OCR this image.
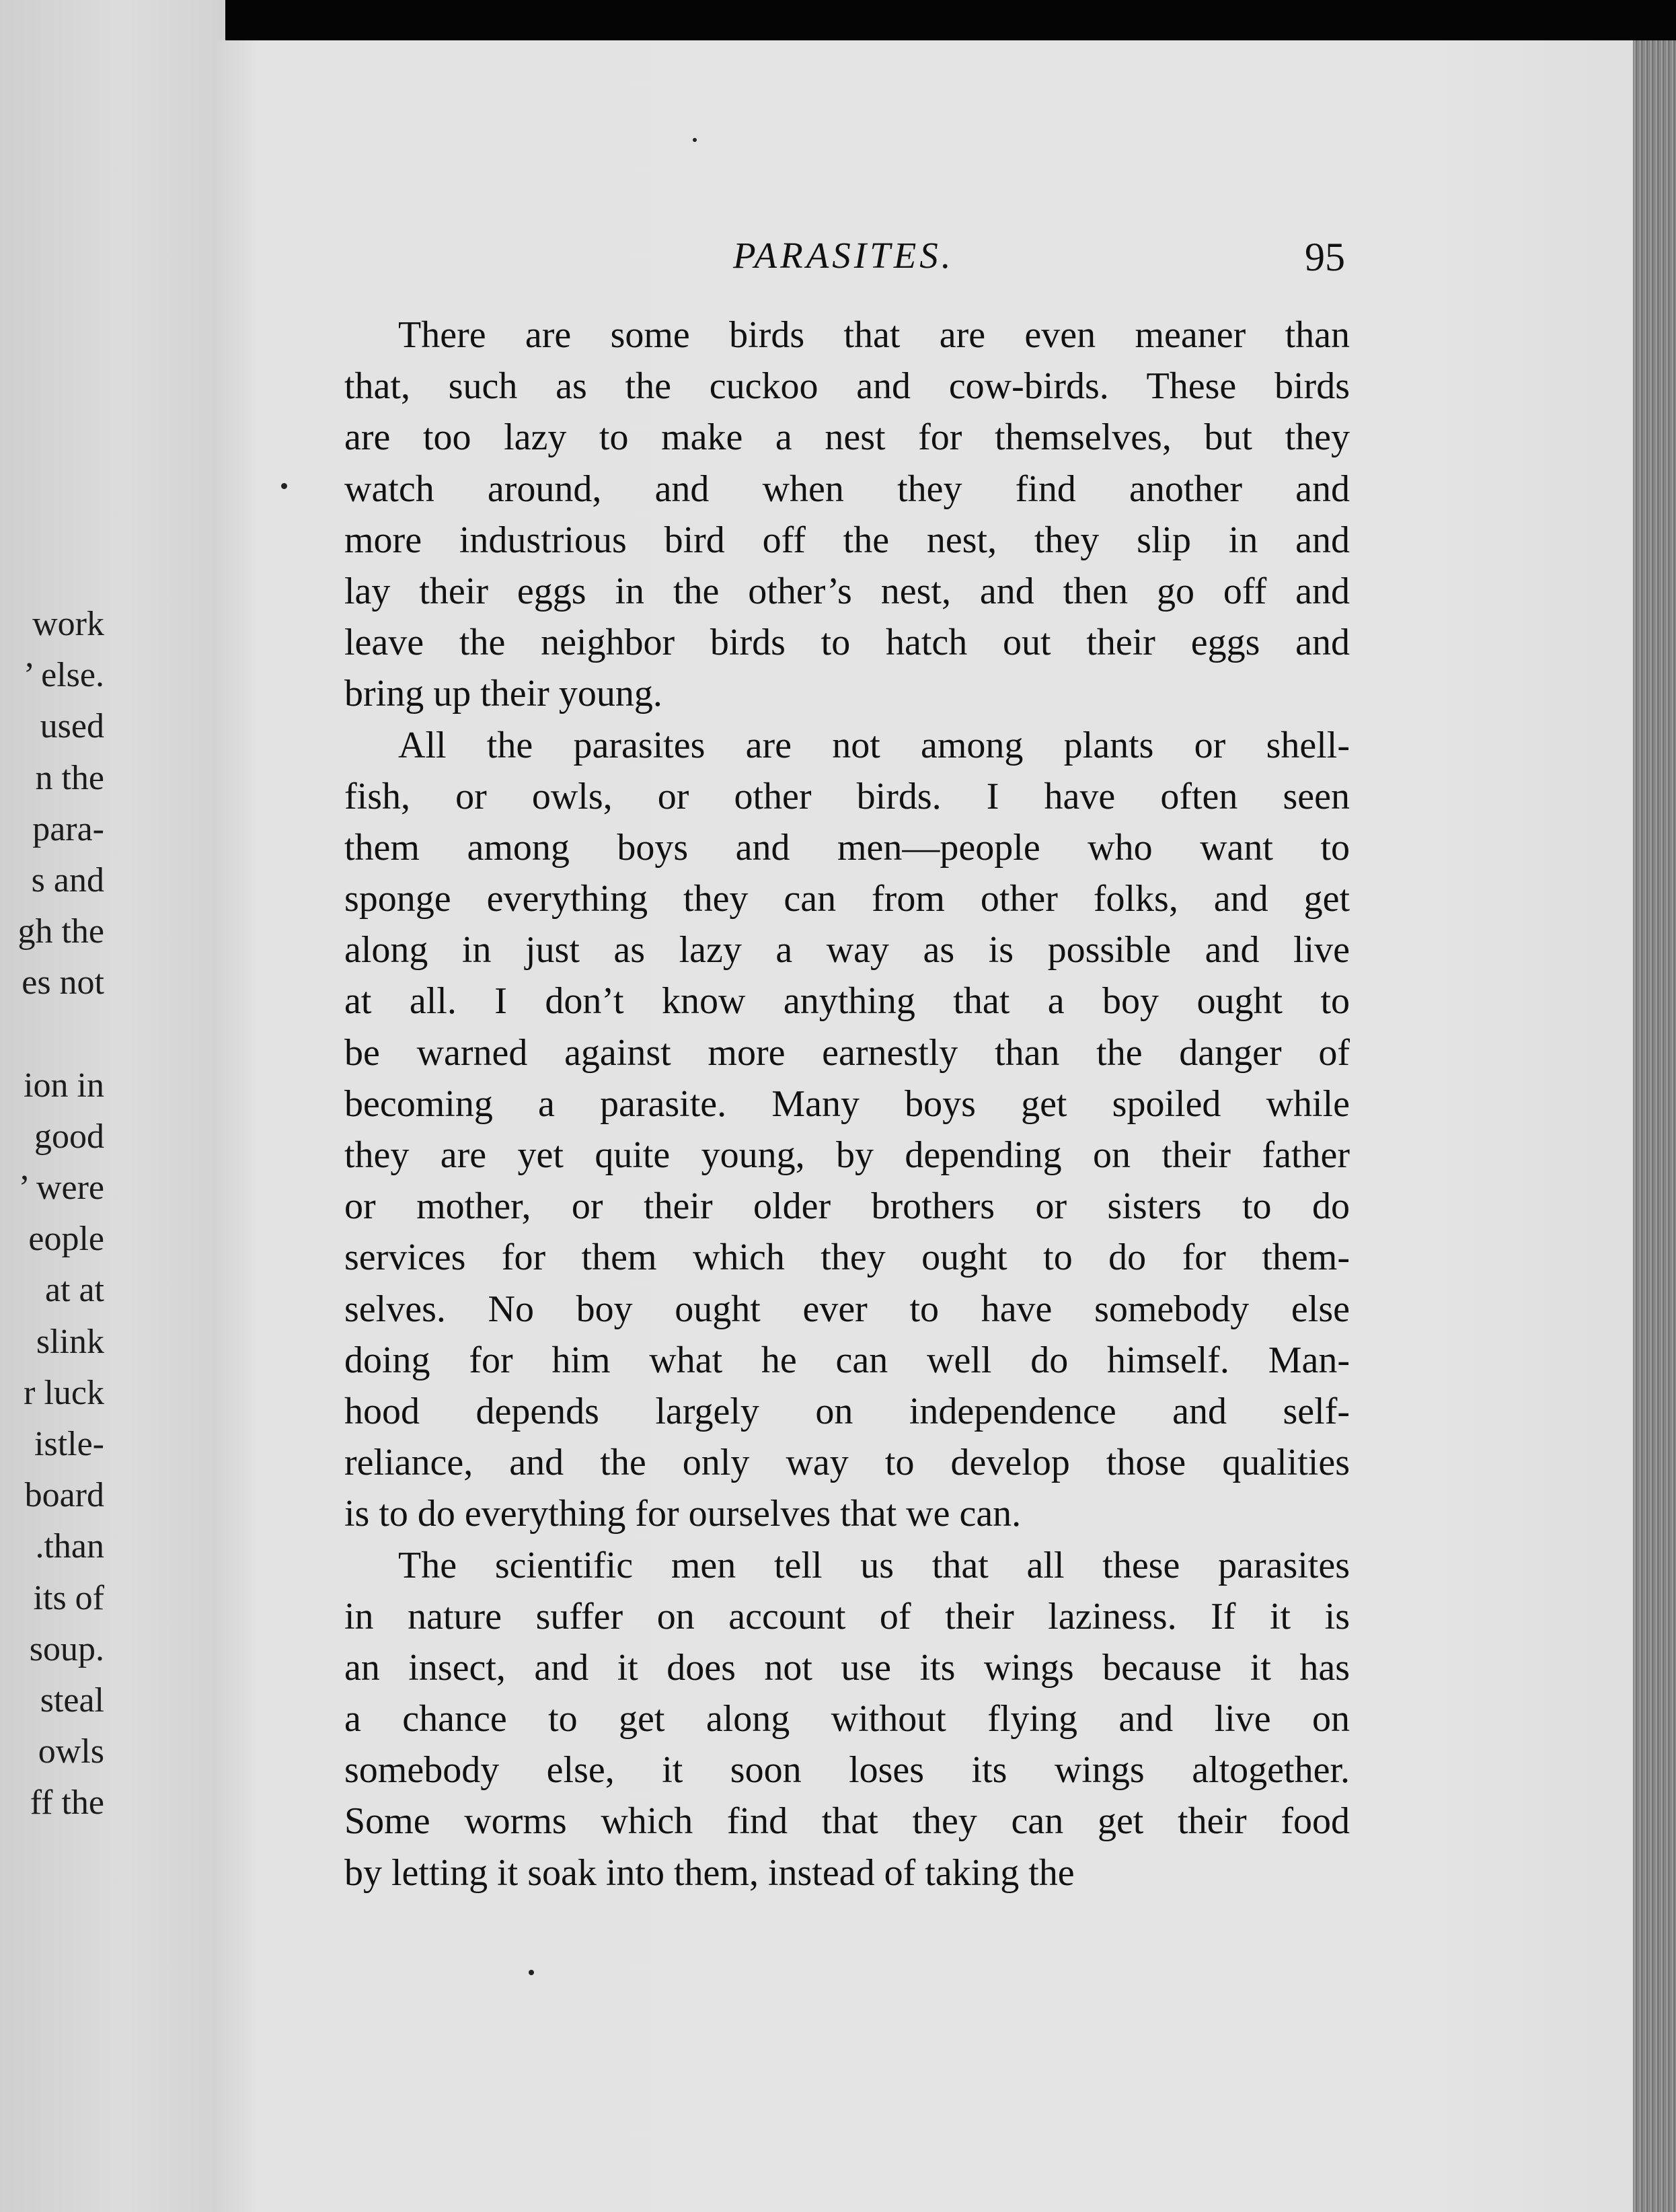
work
’ else.
used
n the
para-
s and
gh the
es not
ion in
good
’ were
eople
at at
slink
r luck
istle-
board
.than
its of
soup.
steal
owls
ff the
PARASITES.	95
There are some birds that are even meaner than
that, such as the cuckoo and cow-birds. These birds
are too lazy to make a nest for themselves, but they
watch around, and when they find another and
more industrious bird off the nest, they slip in and
lay their eggs in the other’s nest, and then go off and
leave the neighbor birds to hatch out their eggs and
bring up their young.
All the parasites are not among plants or shell-
fish, or owls, or other birds. I have often seen
them among boys and men—people who want to
sponge everything they can from other folks, and get
along in just as lazy a way as is possible and live
at all. I don’t know anything that a boy ought to
be warned against more earnestly than the danger of
becoming a parasite. Many boys get spoiled while
they are yet quite young, by depending on their father
or mother, or their older brothers or sisters to do
services for them which they ought to do for them-
selves. No boy ought ever to have somebody else
doing for him what he can well do himself. Man-
hood depends largely on independence and self-
reliance, and the only way to develop those qualities
is to do everything for ourselves that we can.
The scientific men tell us that all these parasites
in nature suffer on account of their laziness. If it is
an insect, and it does not use its wings because it has
a chance to get along without flying and live on
somebody else, it soon loses its wings altogether.
Some worms which find that they can get their food
by letting it soak into them, instead of taking the
